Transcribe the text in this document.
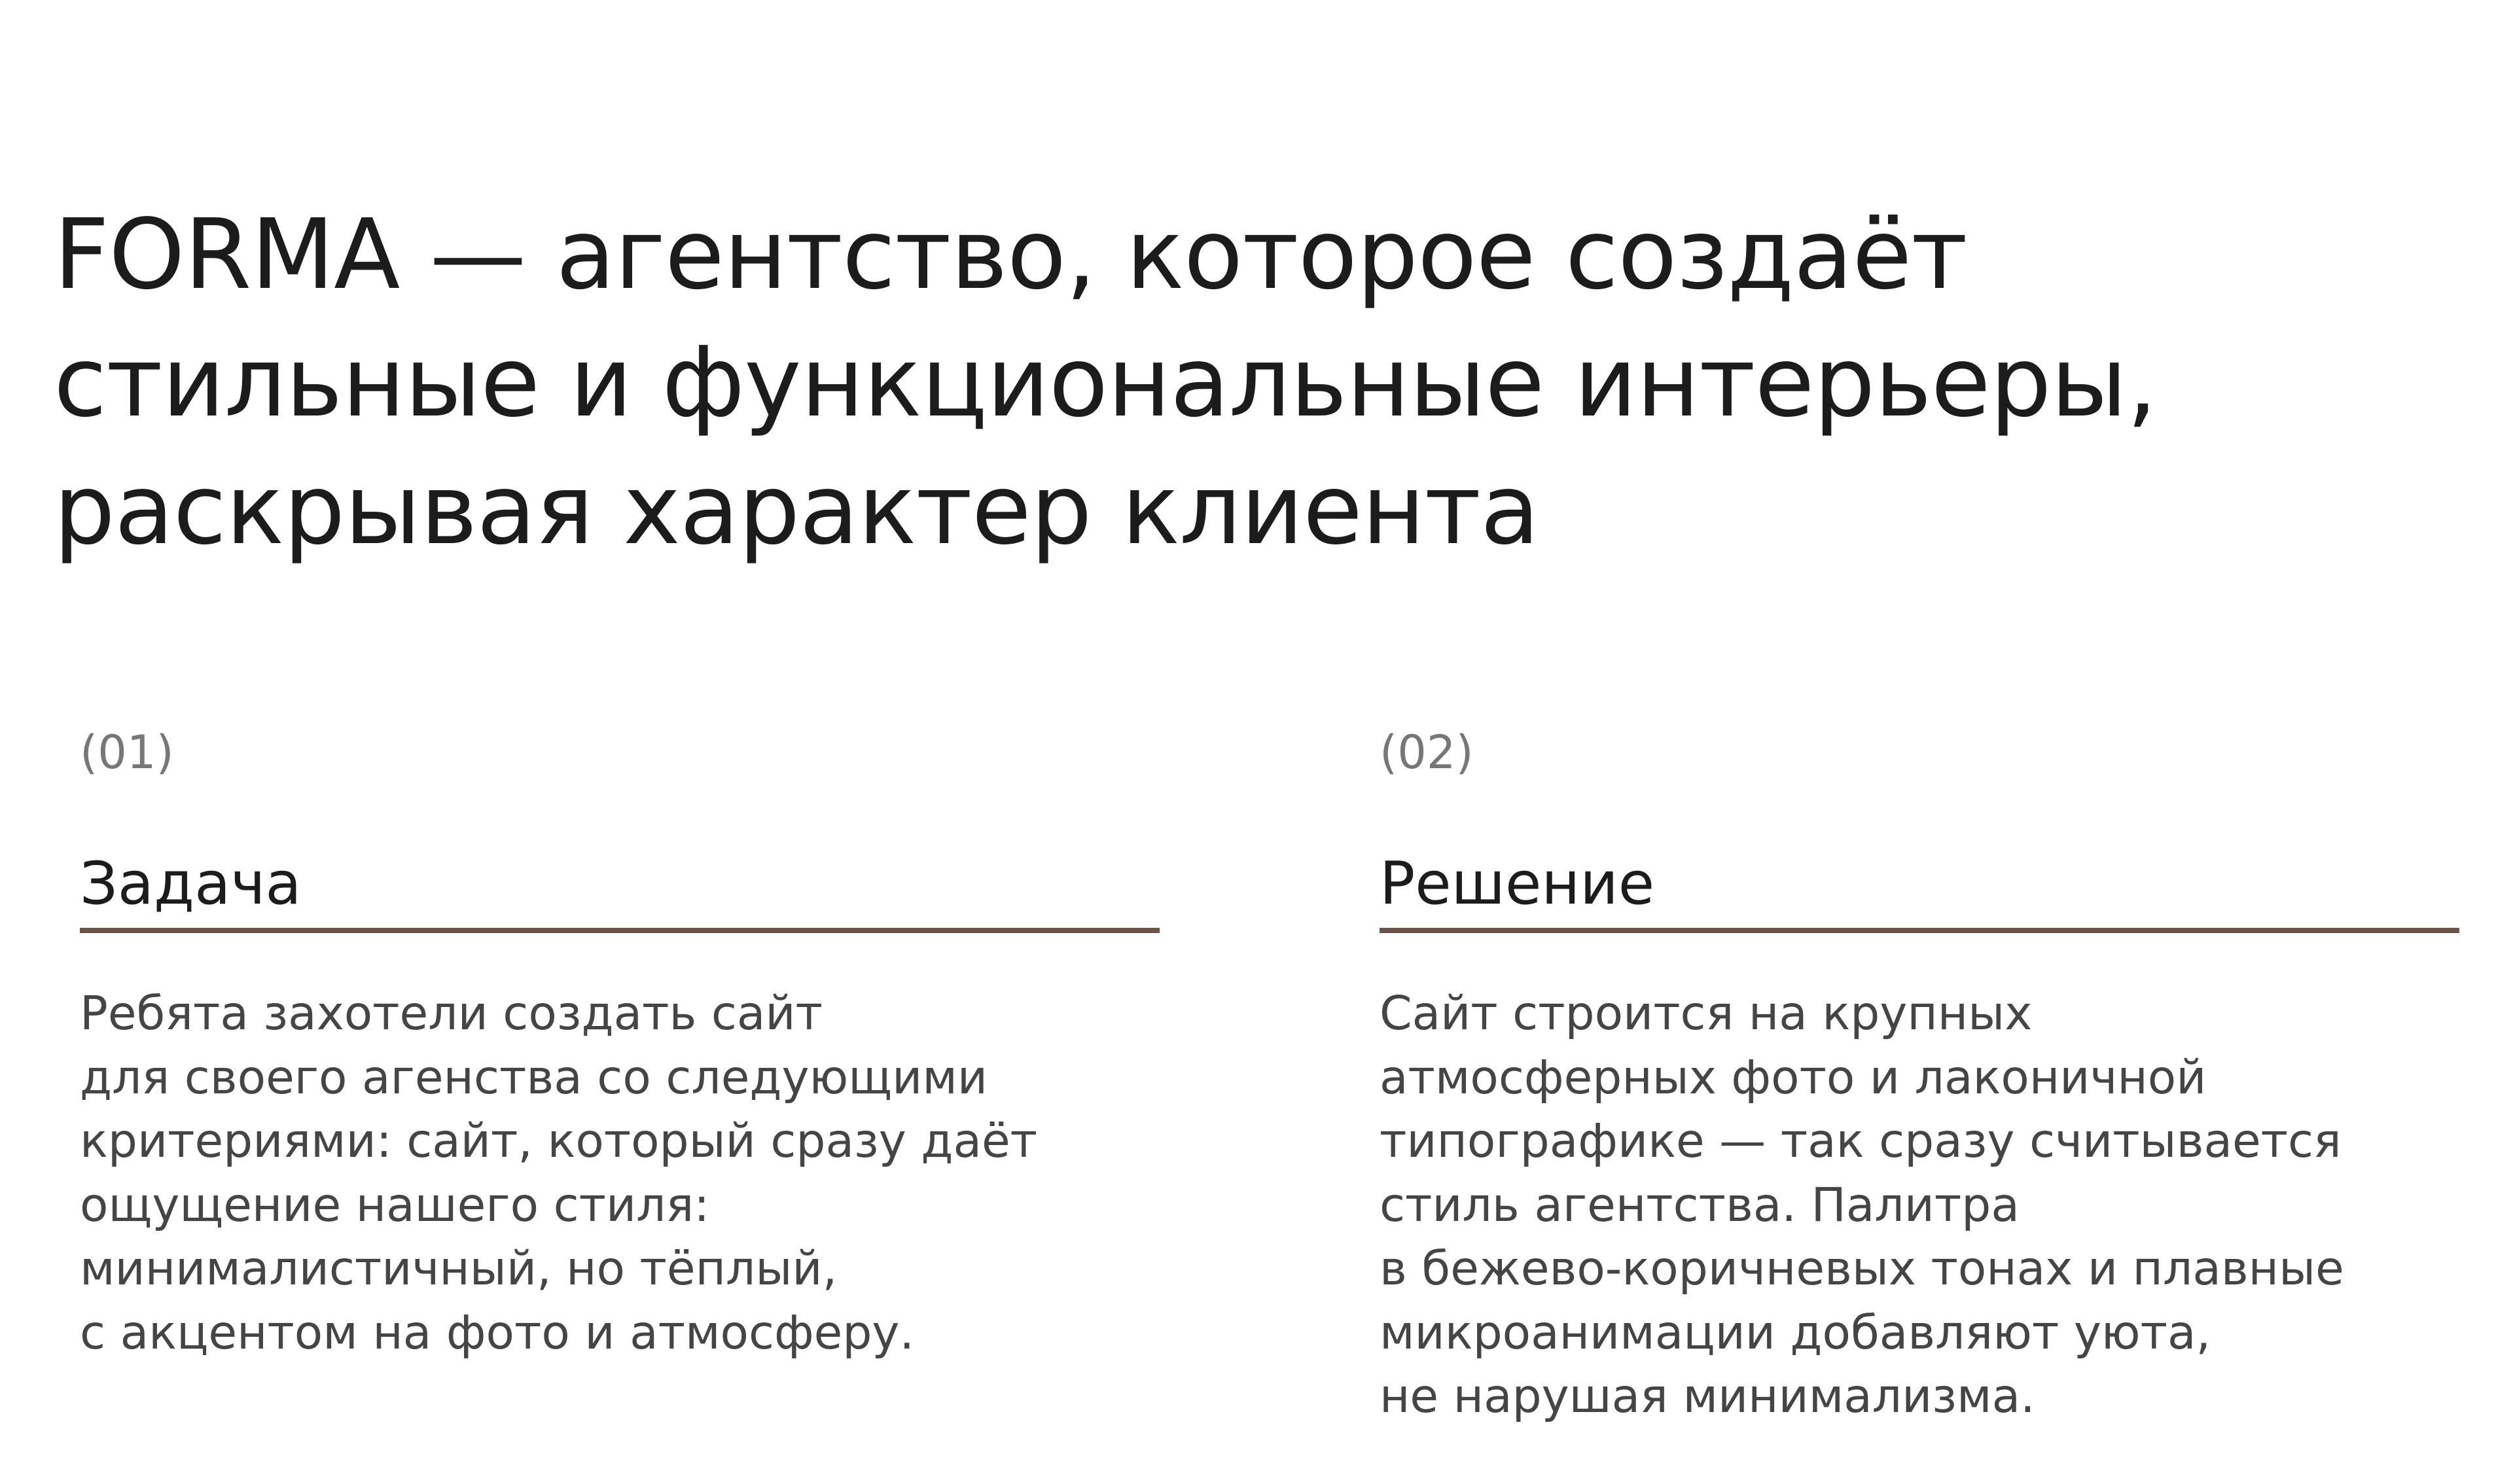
FORMA — агентство, которое создаёт
стильные и функциональные интерьеры,
раскрывая характер клиента
(01)
Задача
Ребята захотели создать сайт
для своего агенства со следующими
критериями: сайт, который сразу даёт
ощущение нашего стиля:
минималистичный, но тёплый,
с акцентом на фото и атмосферу.
(02)
Решение
Сайт строится на крупных
атмосферных фото и лаконичной
типографике — так сразу считывается
стиль агентства. Палитра
в бежево-коричневых тонах и плавные
микроанимации добавляют уюта,
не нарушая минимализма.
